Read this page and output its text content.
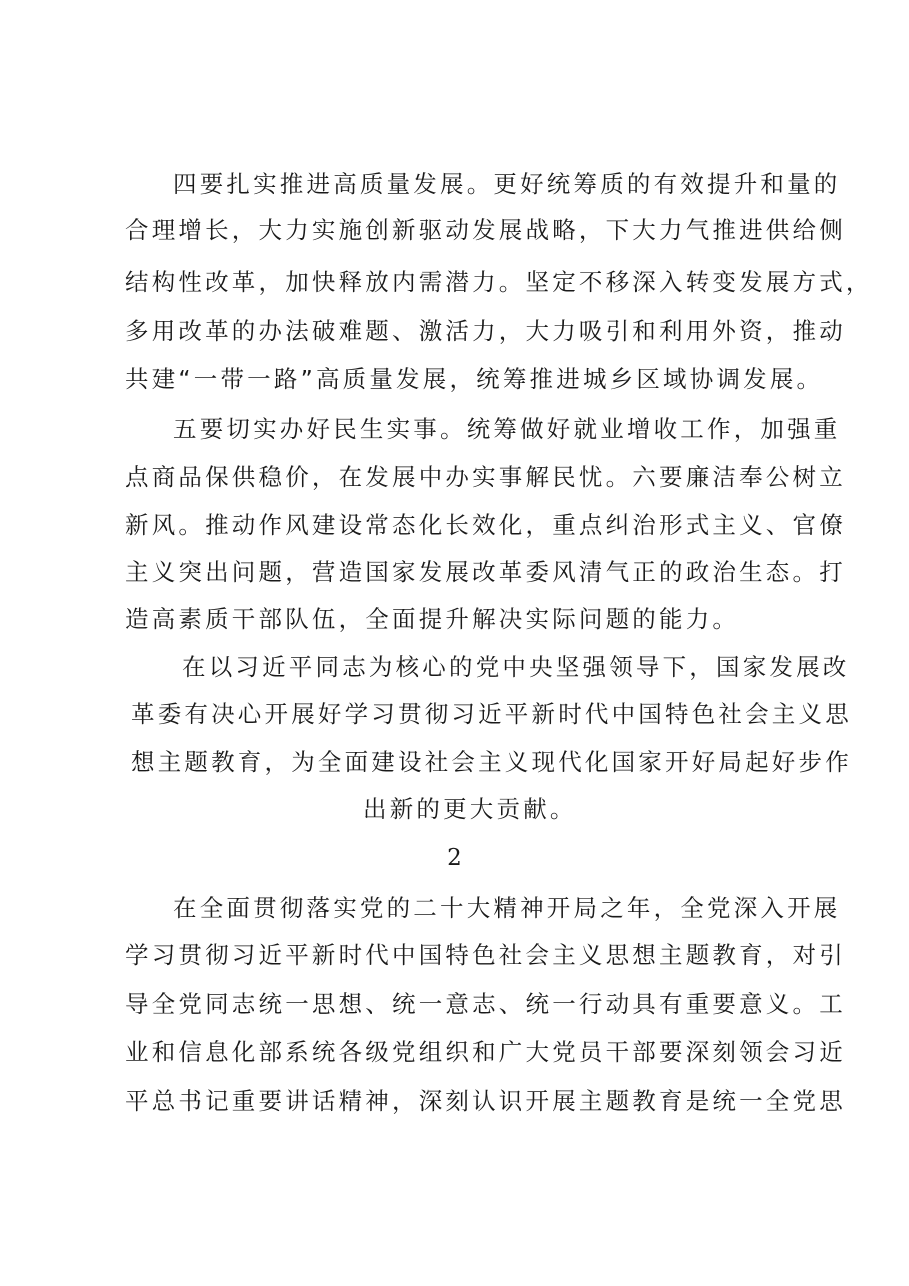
四要扎实推进高质量发展。更好统筹质的有效提升和量的
合理增长，大力实施创新驱动发展战略，下大力气推进供给侧
结构性改革，加快释放内需潜力。坚定不移深入转变发展方式，
多用改革的办法破难题、激活力，大力吸引和利用外资，推动
共建“一带一路”高质量发展，统筹推进城乡区域协调发展。
五要切实办好民生实事。统筹做好就业增收工作，加强重
点商品保供稳价，在发展中办实事解民忧。六要廉洁奉公树立
新风。推动作风建设常态化长效化，重点纠治形式主义、官僚
主义突出问题，营造国家发展改革委风清气正的政治生态。打
造高素质干部队伍，全面提升解决实际问题的能力。
在以习近平同志为核心的党中央坚强领导下，国家发展改
革委有决心开展好学习贯彻习近平新时代中国特色社会主义思
想主题教育，为全面建设社会主义现代化国家开好局起好步作
出新的更大贡献。
2
在全面贯彻落实党的二十大精神开局之年，全党深入开展
学习贯彻习近平新时代中国特色社会主义思想主题教育，对引
导全党同志统一思想、统一意志、统一行动具有重要意义。工
业和信息化部系统各级党组织和广大党员干部要深刻领会习近
平总书记重要讲话精神，深刻认识开展主题教育是统一全党思
